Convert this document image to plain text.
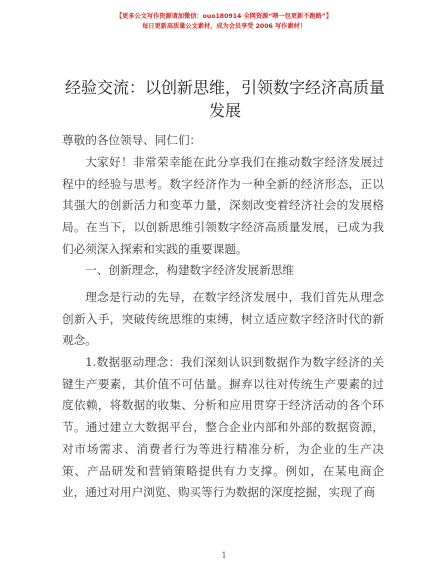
【更多公文写作资源请加微信：ouo180914 全网资源“喂一包更新不跑路”】
每日更新高质量公文素材，成为会员享受 2006 写作素材！
经验交流：以创新思维，引领数字经济高质量发展
尊敬的各位领导、同仁们：
大家好！非常荣幸能在此分享我们在推动数字经济发展过程中的经验与思考。数字经济作为一种全新的经济形态，正以其强大的创新活力和变革力量，深刻改变着经济社会的发展格局。在当下，以创新思维引领数字经济高质量发展，已成为我们必须深入探索和实践的重要课题。
一、创新理念，构建数字经济发展新思维
理念是行动的先导，在数字经济发展中，我们首先从理念创新入手，突破传统思维的束缚，树立适应数字经济时代的新观念。
1.数据驱动理念：我们深刻认识到数据作为数字经济的关键生产要素，其价值不可估量。摒弃以往对传统生产要素的过度依赖，将数据的收集、分析和应用贯穿于经济活动的各个环节。通过建立大数据平台，整合企业内部和外部的数据资源，对市场需求、消费者行为等进行精准分析，为企业的生产决策、产品研发和营销策略提供有力支撑。例如，在某电商企业，通过对用户浏览、购买等行为数据的深度挖掘，实现了商
1
